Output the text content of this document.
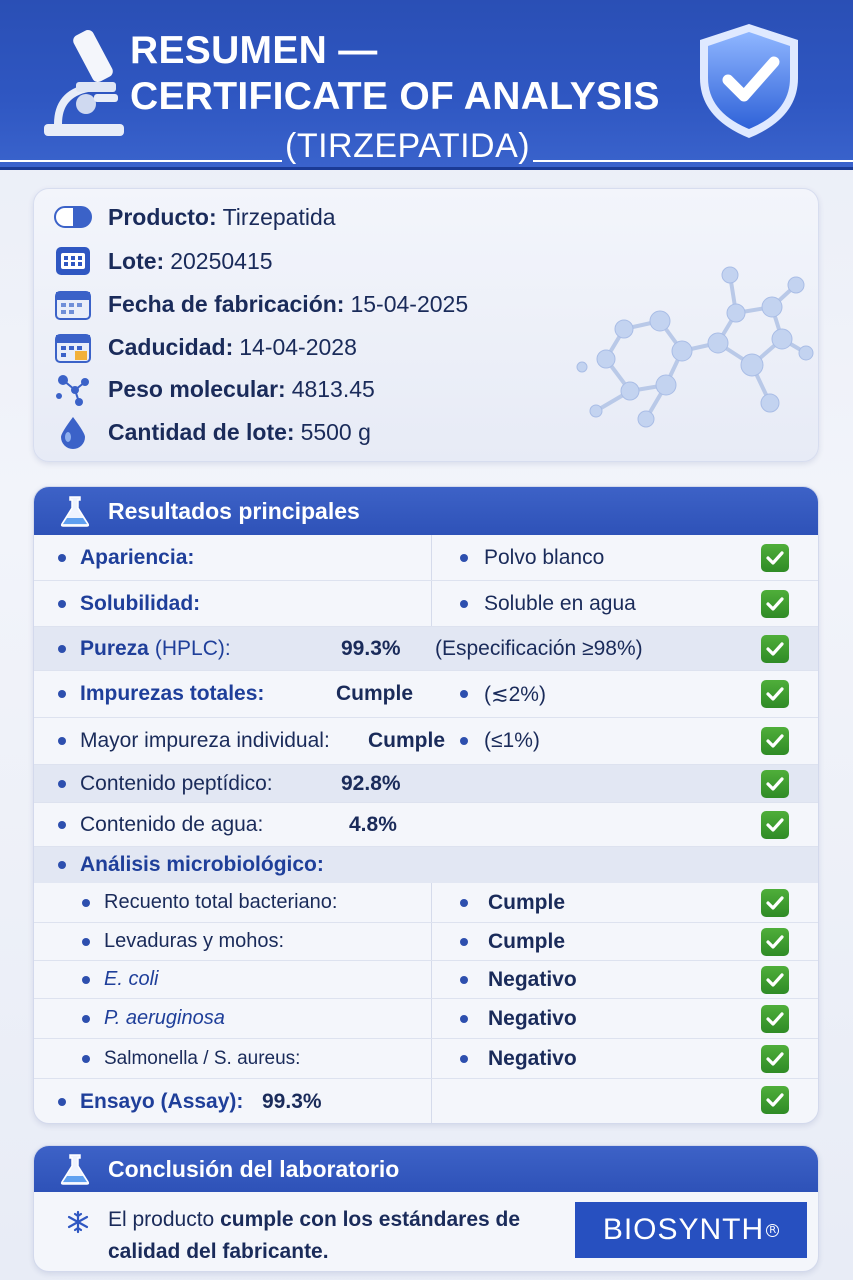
RESUMEN —
CERTIFICATE OF ANALYSIS
(TIRZEPATIDA)
Producto: Tirzepatida
Lote: 20250415
Fecha de fabricación: 15-04-2025
Caducidad: 14-04-2028
Peso molecular: 4813.45
Cantidad de lote: 5500 g
Resultados principales
Apariencia:	Polvo blanco
Solubilidad:	Soluble en agua
Pureza (HPLC):	99.3% (Especificación ≥98%)
Impurezas totales:	Cumple	(≲2%)
Mayor impureza individual: Cumple (≤1%)
Contenido peptídico:	92.8%
Contenido de agua:	4.8%
Análisis microbiológico:
Recuento total bacteriano:	Cumple
Levaduras y mohos:	Cumple
E. coli	Negativo
P. aeruginosa	Negativo
Salmonella / S. aureus:	Negativo
Ensayo (Assay): 99.3%
Conclusión del laboratorio
El producto cumple con los estándares de calidad del fabricante.
BIOSYNTH R
